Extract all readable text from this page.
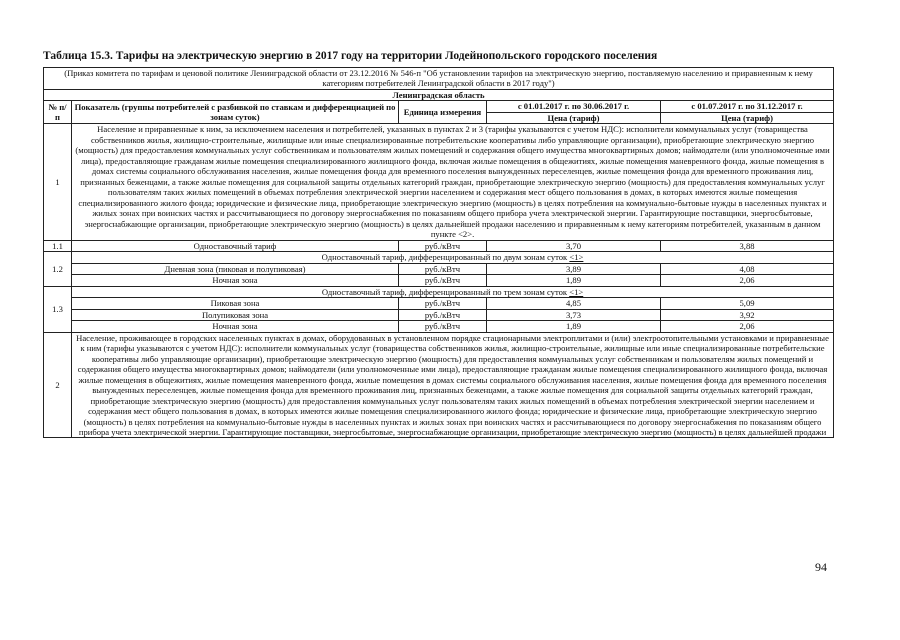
Таблица 15.3. Тарифы на электрическую энергию в 2017 году на территории Лодейнопольского городского поселения
(Приказ комитета по тарифам и ценовой политике Ленинградской области от 23.12.2016 № 546-п "Об установлении тарифов на электрическую энергию, поставляемую населению и приравненным к нему категориям потребителей Ленинградской области в 2017 году")				
Ленинградская область				
№ п/п	Показатель (группы потребителей с разбивкой по ставкам и дифференциацией по зонам суток)	Единица измерения	с 01.01.2017 г. по 30.06.2017 г.	с 01.07.2017 г. по 31.12.2017 г.
			Цена (тариф)	Цена (тариф)
1	Население и приравненные к ним, за исключением населения и потребителей, указанных в пунктах 2 и 3 (тарифы указываются с учетом НДС): исполнители коммунальных услуг (товарищества собственников жилья, жилищно-строительные, жилищные или иные специализированные потребительские кооперативы либо управляющие организации), приобретающие электрическую энергию (мощность) для предоставления коммунальных услуг собственникам и пользователям жилых помещений и содержания общего имущества многоквартирных домов; наймодатели (или уполномоченные ими лица), предоставляющие гражданам жилые помещения специализированного жилищного фонда, включая жилые помещения в общежитиях, жилые помещения маневренного фонда, жилые помещения в домах системы социального обслуживания населения, жилые помещения фонда для временного поселения вынужденных переселенцев, жилые помещения фонда для временного проживания лиц, признанных беженцами, а также жилые помещения для социальной защиты отдельных категорий граждан, приобретающие электрическую энергию (мощность) для предоставления коммунальных услуг пользователям таких жилых помещений в объемах потребления электрической энергии населением и содержания мест общего пользования в домах, в которых имеются жилые помещения специализированного жилого фонда; юридические и физические лица, приобретающие электрическую энергию (мощность) в целях потребления на коммунально-бытовые нужды в населенных пунктах и жилых зонах при воинских частях и рассчитывающиеся по договору энергоснабжения по показаниям общего прибора учета электрической энергии. Гарантирующие поставщики, энергосбытовые, энергоснабжающие организации, приобретающие электрическую энергию (мощность) в целях дальнейшей продажи населению и приравненным к нему категориям потребителей, указанным в данном пункте <2>.			
1.1	Одноставочный тариф	руб./кВтч	3,70	3,88
1.2	Одноставочный тариф, дифференцированный по двум зонам суток <1>			
	Дневная зона (пиковая и полупиковая)	руб./кВтч	3,89	4,08
	Ночная зона	руб./кВтч	1,89	2,06
1.3	Одноставочный тариф, дифференцированный по трем зонам суток <1>			
	Пиковая зона	руб./кВтч	4,85	5,09
	Полупиковая зона	руб./кВтч	3,73	3,92
	Ночная зона	руб./кВтч	1,89	2,06
2	Население, проживающее в городских населенных пунктах в домах, оборудованных в установленном порядке стационарными электроплитами и (или) электроотопительными установками и приравненные к ним (тарифы указываются с учетом НДС): исполнители коммунальных услуг (товарищества собственников жилья, жилищно-строительные, жилищные или иные специализированные потребительские кооперативы либо управляющие организации), приобретающие электрическую энергию (мощность) для предоставления коммунальных услуг собственникам и пользователям жилых помещений и содержания общего имущества многоквартирных домов; наймодатели (или уполномоченные ими лица), предоставляющие гражданам жилые помещения специализированного жилищного фонда, включая жилые помещения в общежитиях, жилые помещения маневренного фонда, жилые помещения в домах системы социального обслуживания населения, жилые помещения фонда для временного поселения вынужденных переселенцев, жилые помещения фонда для временного проживания лиц, признанных беженцами, а также жилые помещения для социальной защиты отдельных категорий граждан, приобретающие электрическую энергию (мощность) для предоставления коммунальных услуг пользователям таких жилых помещений в объемах потребления электрической энергии населением и содержания мест общего пользования в домах, в которых имеются жилые помещения специализированного жилого фонда; юридические и физические лица, приобретающие электрическую энергию (мощность) в целях потребления на коммунально-бытовые нужды в населенных пунктах и жилых зонах при воинских частях и рассчитывающиеся по договору энергоснабжения по показаниям общего прибора учета электрической энергии. Гарантирующие поставщики, энергосбытовые, энергоснабжающие организации, приобретающие электрическую энергию (мощность) в целях дальнейшей продажи			
94
